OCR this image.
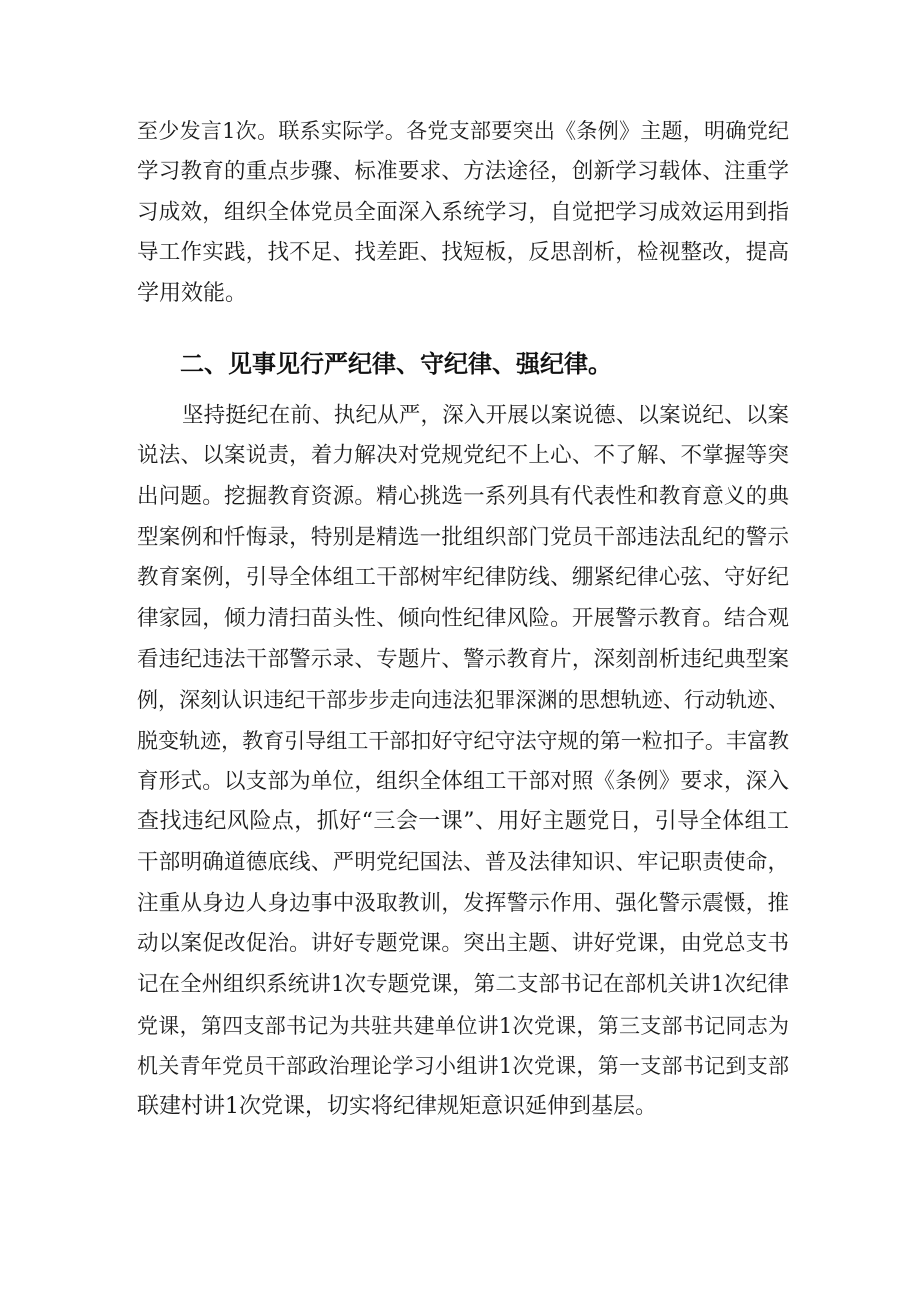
至少发言1次。联系实际学。各党支部要突出《条例》主题，明确党纪

学习教育的重点步骤、标准要求、方法途径，创新学习载体、注重学

习成效，组织全体党员全面深入系统学习，自觉把学习成效运用到指

导工作实践，找不足、找差距、找短板，反思剖析，检视整改，提高

学用效能。

二、见事见行严纪律、守纪律、强纪律。

坚持挺纪在前、执纪从严，深入开展以案说德、以案说纪、以案

说法、以案说责，着力解决对党规党纪不上心、不了解、不掌握等突

出问题。挖掘教育资源。精心挑选一系列具有代表性和教育意义的典

型案例和忏悔录，特别是精选一批组织部门党员干部违法乱纪的警示

教育案例，引导全体组工干部树牢纪律防线、绷紧纪律心弦、守好纪

律家园，倾力清扫苗头性、倾向性纪律风险。开展警示教育。结合观

看违纪违法干部警示录、专题片、警示教育片，深刻剖析违纪典型案

例，深刻认识违纪干部步步走向违法犯罪深渊的思想轨迹、行动轨迹、

脱变轨迹，教育引导组工干部扣好守纪守法守规的第一粒扣子。丰富教

育形式。以支部为单位，组织全体组工干部对照《条例》要求，深入

查找违纪风险点，抓好“三会一课”、用好主题党日，引导全体组工

干部明确道德底线、严明党纪国法、普及法律知识、牢记职责使命，

注重从身边人身边事中汲取教训，发挥警示作用、强化警示震慑，推

动以案促改促治。讲好专题党课。突出主题、讲好党课，由党总支书

记在全州组织系统讲1次专题党课，第二支部书记在部机关讲1次纪律

党课，第四支部书记为共驻共建单位讲1次党课，第三支部书记同志为

机关青年党员干部政治理论学习小组讲1次党课，第一支部书记到支部

联建村讲1次党课，切实将纪律规矩意识延伸到基层。
